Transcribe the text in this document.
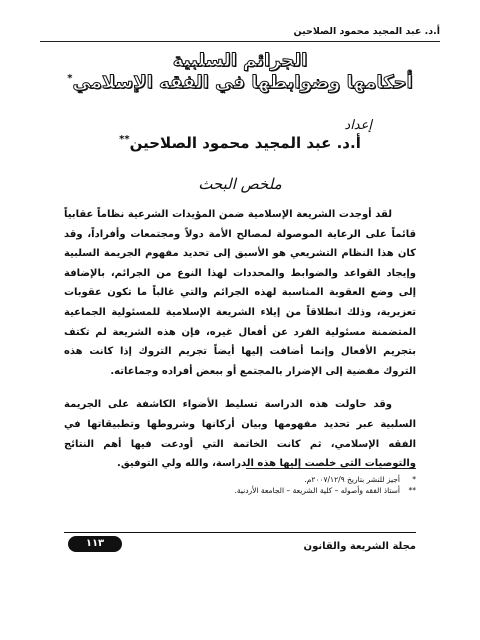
أ.د. عبد المجيد محمود الصلاحين
الجرائم السلبية
أحكامها وضوابطها في الفقه الإسلامي*
إعداد
أ.د. عبد المجيد محمود الصلاحين**
ملخص البحث

لقد أوجدت الشريعة الإسلامية ضمن المؤيدات الشرعية نظاماً عقابياً قائماً على الرعاية الموصولة لمصالح الأمة دولاً ومجتمعات وأفراداً، وقد كان هذا النظام التشريعي هو الأسبق إلى تحديد مفهوم الجريمة السلبية وإيجاد القواعد والضوابط والمحددات لهذا النوع من الجرائم، بالإضافة إلى وضع العقوبة المناسبة لهذه الجرائم والتي غالباً ما تكون عقوبات تعزيرية، وذلك انطلاقاً من إيلاء الشريعة الإسلامية للمسئولية الجماعية المتضمنة مسئولية الفرد عن أفعال غيره، فإن هذه الشريعة لم تكتف بتجريم الأفعال وإنما أضافت إليها أيضاً تجريم التروك إذا كانت هذه التروك مفضية إلى الإضرار بالمجتمع أو ببعض أفراده وجماعاته.

وقد حاولت هذه الدراسة تسليط الأضواء الكاشفة على الجريمة السلبية عبر تحديد مفهومها وبيان أركانها وشروطها وتطبيقاتها في الفقه الإسلامي، ثم كانت الخاتمة التي أودعت فيها أهم النتائج والتوصيات التي خلصت إليها هذه الدراسة، والله ولي التوفيق.

*أجيز للنشر بتاريخ ٢٠٠٧/١٢/٩م.
**أستاذ الفقه وأصوله – كلية الشريعة – الجامعة الأردنية.
مجلة الشريعة والقانون
١١٣
